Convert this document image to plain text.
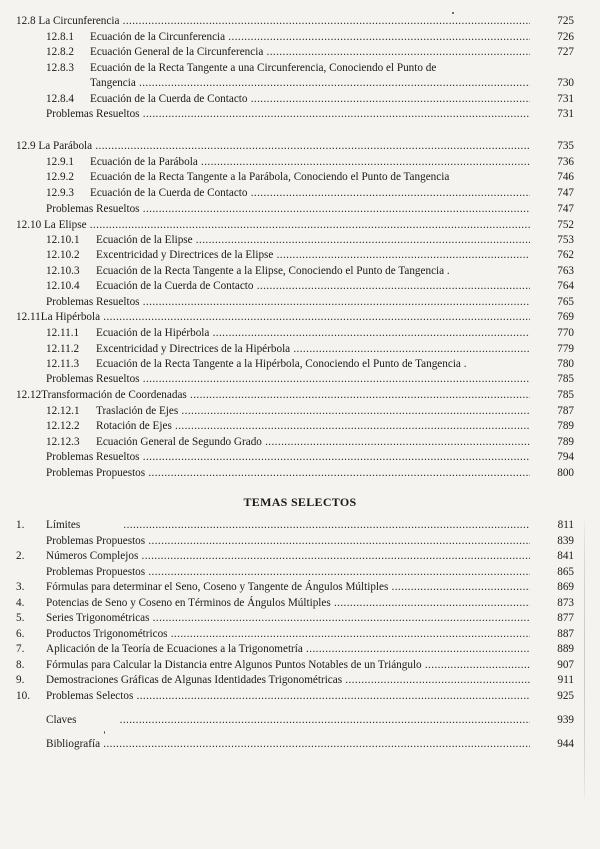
12.8 La Circunferencia .....	725
12.8.1 Ecuación de la Circunferencia .....	726
12.8.2 Ecuación General de la Circunferencia .....	727
12.8.3 Ecuación de la Recta Tangente a una Circunferencia, Conociendo el Punto de
Tangencia .....	730
12.8.4 Ecuación de la Cuerda de Contacto .....	731
Problemas Resueltos .....	731
12.9 La Parábola .....	735
12.9.1 Ecuación de la Parábola .....	736
12.9.2 Ecuación de la Recta Tangente a la Parábola, Conociendo el Punto de Tangencia	746
12.9.3 Ecuación de la Cuerda de Contacto .....	747
Problemas Resueltos .....	747
12.10 La Elipse .....	752
12.10.1 Ecuación de la Elipse .....	753
12.10.2 Excentricidad y Directrices de la Elipse .....	762
12.10.3 Ecuación de la Recta Tangente a la Elipse, Conociendo el Punto de Tangencia .	763
12.10.4 Ecuación de la Cuerda de Contacto .....	764
Problemas Resueltos .....	765
12.11La Hipérbola .....	769
12.11.1 Ecuación de la Hipérbola .....	770
12.11.2 Excentricidad y Directrices de la Hipérbola .....	779
12.11.3 Ecuación de la Recta Tangente a la Hipérbola, Conociendo el Punto de Tangencia .	780
Problemas Resueltos .....	785
12.12Transformación de Coordenadas .....	785
12.12.1 Traslación de Ejes .....	787
12.12.2 Rotación de Ejes .....	789
12.12.3 Ecuación General de Segundo Grado .....	789
Problemas Resueltos .....	794
Problemas Propuestos .....	800
TEMAS SELECTOS
1. Límites .....	811
Problemas Propuestos .....	839
2. Números Complejos .....	841
Problemas Propuestos .....	865
3. Fórmulas para determinar el Seno, Coseno y Tangente de Ángulos Múltiples .....	869
4. Potencias de Seno y Coseno en Términos de Ángulos Múltiples .....	873
5. Series Trigonométricas .....	877
6. Productos Trigonométricos .....	887
7. Aplicación de la Teoría de Ecuaciones a la Trigonometría .....	889
8. Fórmulas para Calcular la Distancia entre Algunos Puntos Notables de un Triángulo .....	907
9. Demostraciones Gráficas de Algunas Identidades Trigonométricas .....	911
10. Problemas Selectos .....	925
Claves .....	939
Bibliografía .....	944
